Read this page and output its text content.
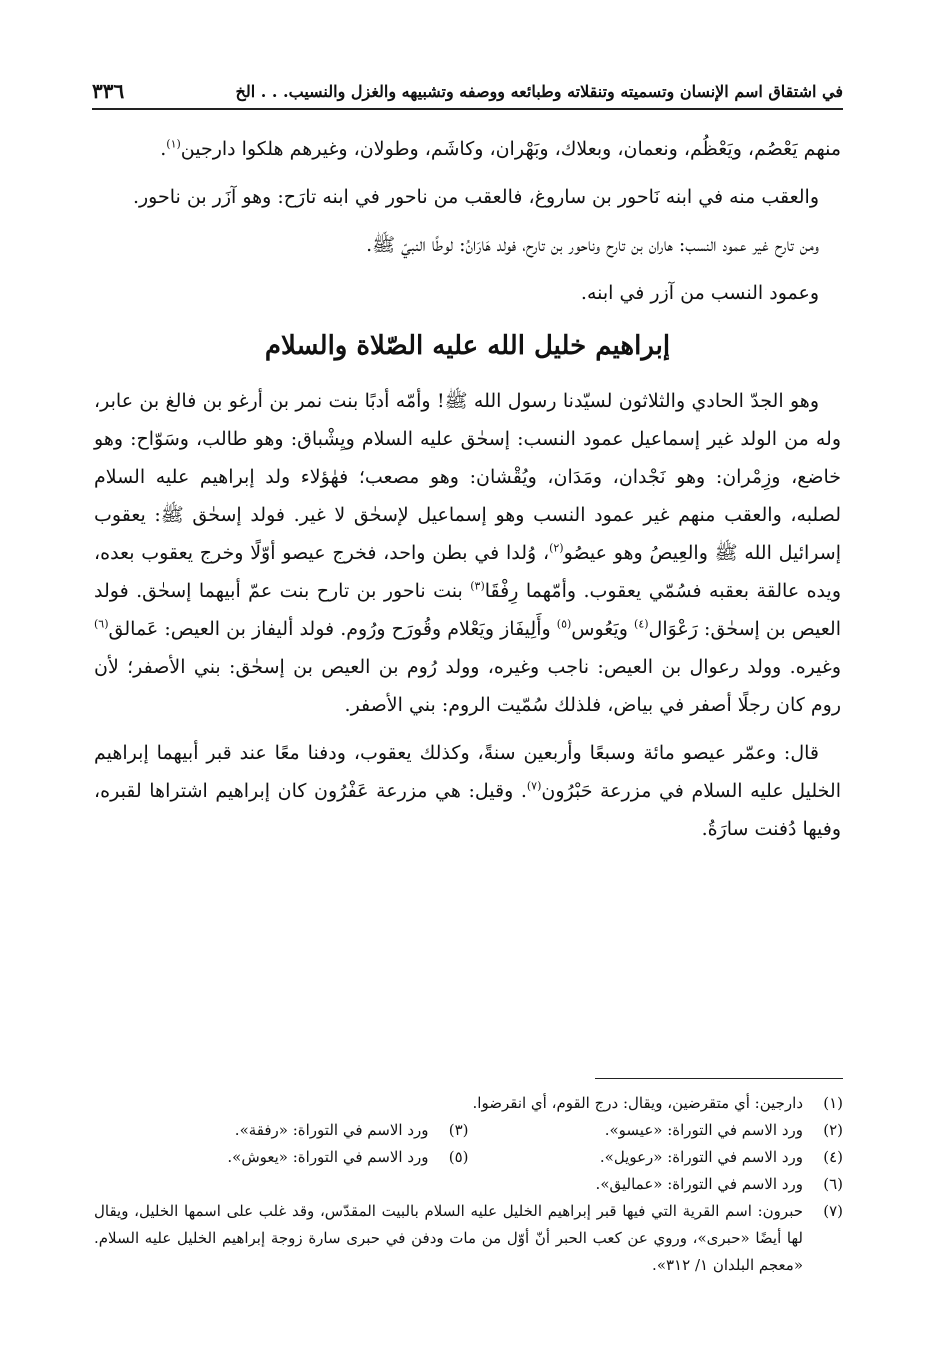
في اشتقاق اسم الإنسان وتسميته وتنقلاته وطبائعه ووصفه وتشبيهه والغزل والنسيب. . . الخ
٣٣٦

منهم يَعْصُم، ويَعْظُم، ونعمان، وبعلاك، وبَهْران، وكاشَم، وطولان، وغيرهم هلكوا دارجين$^{(١)}$.

والعقب منه في ابنه نَاحور بن ساروغ، فالعقب من ناحور في ابنه تارَح: وهو آزَر بن ناحور.

ومن تارح غير عمود النسب: هاران بن تارح وناحور بن تارح، فولد هَارَانُ: لوطًا النبيّ ﷺ.

وعمود النسب من آزر في ابنه.

إبراهيم خليل الله عليه الصّلاة والسلام

وهو الجدّ الحادي والثلاثون لسيّدنا رسول الله ﷺ! وأمّه أدبًا بنت نمر بن أرغو بن فالغ بن عابر، وله من الولد غير إسماعيل عمود النسب: إسحٰق عليه السلام ويِشْباق: وهو طالب، وسَوّاح: وهو خاضع، وزِمْران: وهو نَجْدان، ومَدَان، ويُقْشان: وهو مصعب؛ فهٰؤلاء ولد إبراهيم عليه السلام لصلبه، والعقب منهم غير عمود النسب وهو إسماعيل لإسحٰق لا غير. فولد إسحٰق ﷺ: يعقوب إسرائيل الله ﷺ والعِيصُ وهو عيصُو$^{(٢)}$، وُلدا في بطن واحد، فخرج عيصو أوّلًا وخرج يعقوب بعده، ويده عالقة بعقبه فسُمّي يعقوب. وأمّهما رِفْقَا$^{(٣)}$ بنت ناحور بن تارح بنت عمّ أبيهما إسحٰق. فولد العيص بن إسحٰق: رَعْوَال$^{(٤)}$ ويَعُوس$^{(٥)}$ وأَلِيفَاز ويَعْلام وقُورَح ورُوم. فولد أليفاز بن العيص: عَمالق$^{(٦)}$ وغيره. وولد رعوال بن العيص: ناجب وغيره، وولد رُوم بن العيص بن إسحٰق: بني الأصفر؛ لأن روم كان رجلًا أصفر في بياض، فلذلك سُمّيت الروم: بني الأصفر.

قال: وعمّر عيصو مائة وسبعًا وأربعين سنةً، وكذلك يعقوب، ودفنا معًا عند قبر أبيهما إبراهيم الخليل عليه السلام في مزرعة حَبْرُون$^{(٧)}$. وقيل: هي مزرعة عَفْرُون كان إبراهيم اشتراها لقبره، وفيها دُفنت سارَةُ.

(١)
دارجين: أي متقرضين، ويقال: درج القوم، أي انقرضوا.
(٢)
ورد الاسم في التوراة: «عيسو».
(٣)
ورد الاسم في التوراة: «رفقة».
(٤)
ورد الاسم في التوراة: «رعويل».
(٥)
ورد الاسم في التوراة: «يعوش».
(٦)
ورد الاسم في التوراة: «عماليق».
(٧)
حبرون: اسم القرية التي فيها قبر إبراهيم الخليل عليه السلام بالبيت المقدّس، وقد غلب على اسمها الخليل، ويقال لها أيضًا «حبرى»، وروي عن كعب الحبر أنّ أوّل من مات ودفن في حبرى سارة زوجة إبراهيم الخليل عليه السلام. «معجم البلدان ١/ ٣١٢».
